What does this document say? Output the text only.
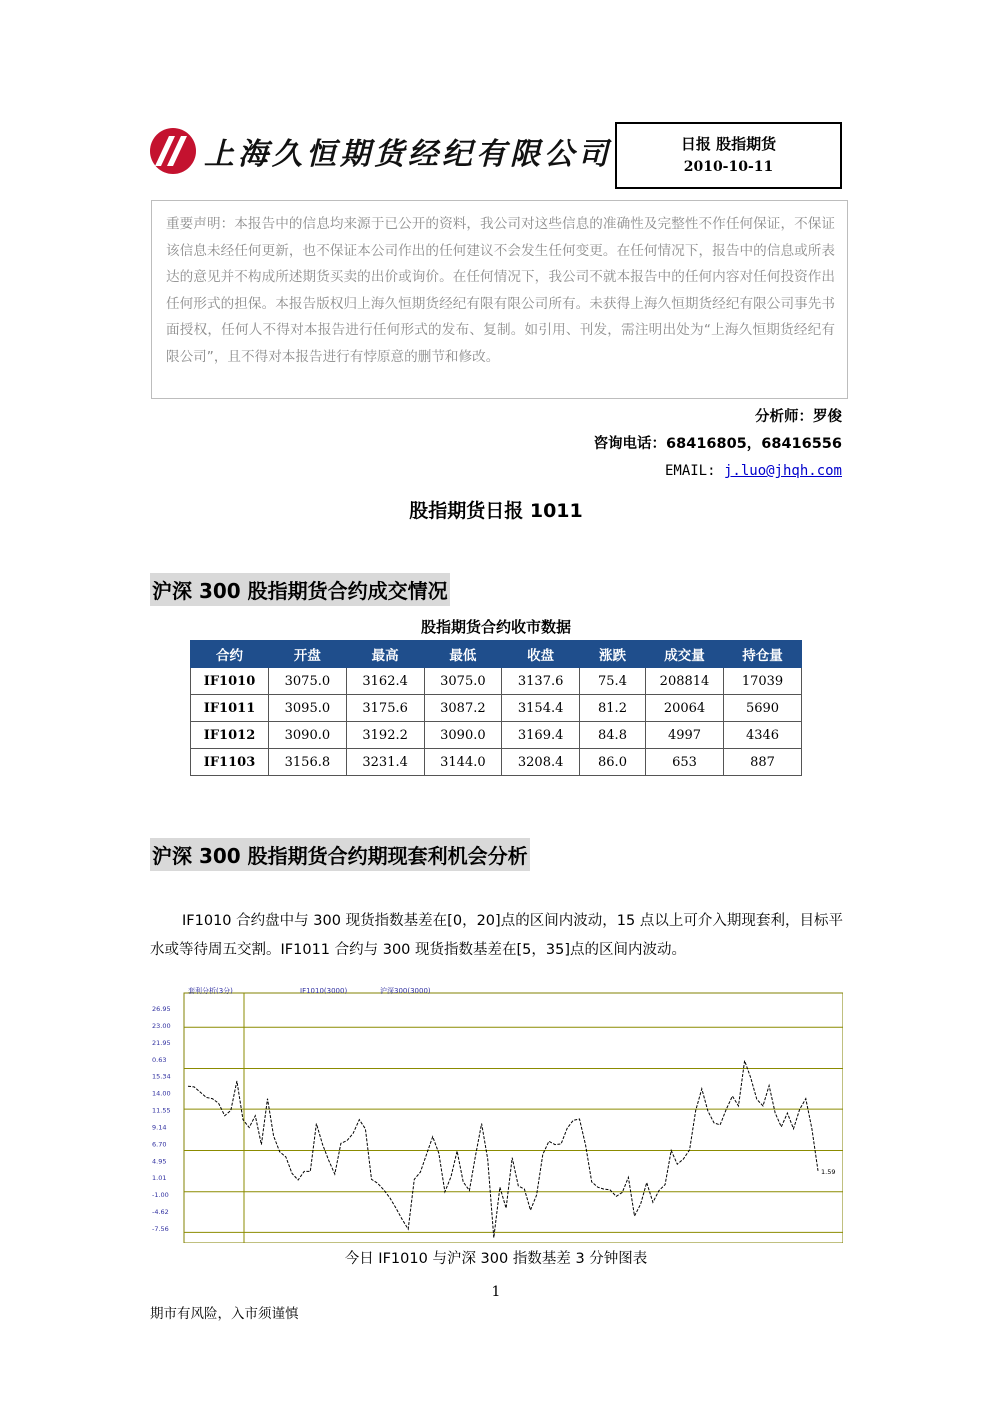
上海久恒期货经纪有限公司	日报 股指期货
2010-10-11
重要声明：本报告中的信息均来源于已公开的资料，我公司对这些信息的准确性及完整性不作任何保证，不保证该信息未经任何更新，也不保证本公司作出的任何建议不会发生任何变更。在任何情况下，报告中的信息或所表达的意见并不构成所述期货买卖的出价或询价。在任何情况下，我公司不就本报告中的任何内容对任何投资作出任何形式的担保。本报告版权归上海久恒期货经纪有限有限公司所有。未获得上海久恒期货经纪有限公司事先书面授权，任何人不得对本报告进行任何形式的发布、复制。如引用、刊发，需注明出处为“上海久恒期货经纪有限公司”，且不得对本报告进行有悖原意的删节和修改。
分析师：罗俊
咨询电话：68416805，68416556
EMAIL: j.luo@jhqh.com
股指期货日报 1011
沪深 300 股指期货合约成交情况
股指期货合约收市数据
合约	开盘	最高	最低	收盘	涨跌	成交量	持仓量
IF1010	3075.0	3162.4	3075.0	3137.6	75.4	208814	17039
IF1011	3095.0	3175.6	3087.2	3154.4	81.2	20064	5690
IF1012	3090.0	3192.2	3090.0	3169.4	84.8	4997	4346
IF1103	3156.8	3231.4	3144.0	3208.4	86.0	653	887
沪深 300 股指期货合约期现套利机会分析
IF1010 合约盘中与 300 现货指数基差在[0，20]点的区间内波动，15 点以上可介入期现套利，目标平水或等待周五交割。IF1011 合约与 300 现货指数基差在[5，35]点的区间内波动。
套利分析(3分)	IF1010(3000)	沪深300(3000)
26.95
23.00
21.95
0.63
15.34
14.00
11.55
9.14
6.70
4.95
1.01
-1.00
-4.62
-7.56
1.59
今日 IF1010 与沪深 300 指数基差 3 分钟图表
1
期市有风险，入市须谨慎
